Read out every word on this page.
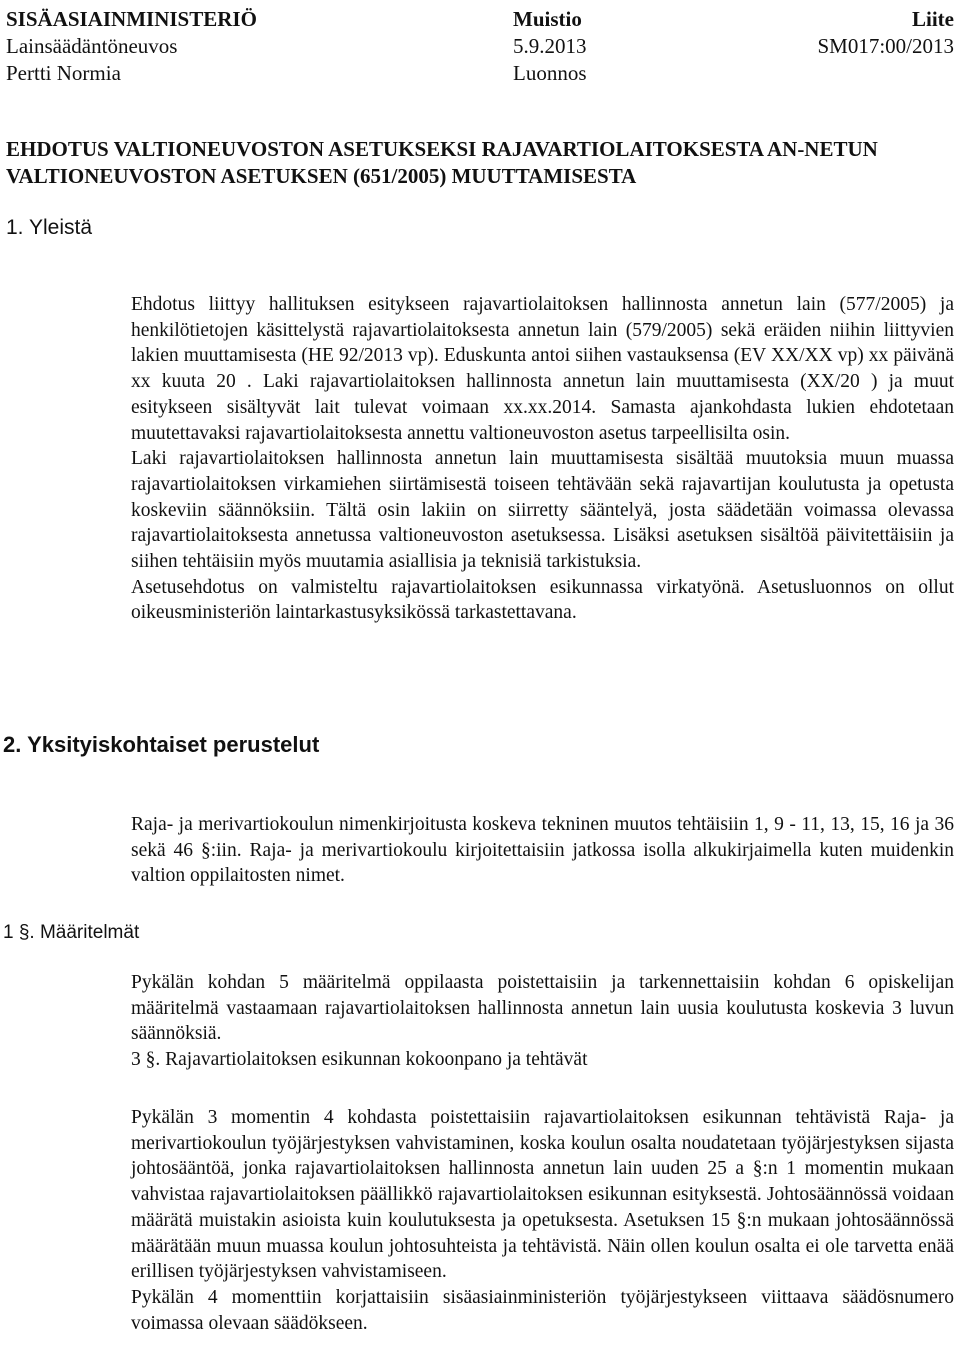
SISÄASIAINMINISTERIÖ	Muistio	Liite
Lainsäädäntöneuvos	5.9.2013	SM017:00/2013
Pertti Normia	Luonnos
EHDOTUS VALTIONEUVOSTON ASETUKSEKSI RAJAVARTIOLAITOKSESTA AN-NETUN VALTIONEUVOSTON ASETUKSEN (651/2005) MUUTTAMISESTA
1. Yleistä

Ehdotus liittyy hallituksen esitykseen rajavartiolaitoksen hallinnosta annetun lain (577/2005) ja henkilötietojen käsittelystä rajavartiolaitoksesta annetun lain (579/2005) sekä eräiden niihin liittyvien lakien muuttamisesta (HE 92/2013 vp). Eduskunta antoi siihen vastauksensa (EV XX/XX vp) xx päivänä xx kuuta 20 . Laki rajavartiolaitoksen hallinnosta annetun lain muuttamisesta (XX/20 ) ja muut esitykseen sisältyvät lait tulevat voimaan xx.xx.2014. Samasta ajankohdasta lukien ehdotetaan muutettavaksi rajavartiolaitoksesta annettu valtioneuvoston asetus tarpeellisilta osin.

Laki rajavartiolaitoksen hallinnosta annetun lain muuttamisesta sisältää muutoksia muun muassa rajavartiolaitoksen virkamiehen siirtämisestä toiseen tehtävään sekä rajavartijan koulutusta ja opetusta koskeviin säännöksiin. Tältä osin lakiin on siirretty sääntelyä, josta säädetään voimassa olevassa rajavartiolaitoksesta annetussa valtioneuvoston asetuksessa. Lisäksi asetuksen sisältöä päivitettäisiin ja siihen tehtäisiin myös muutamia asiallisia ja teknisiä tarkistuksia.

Asetusehdotus on valmisteltu rajavartiolaitoksen esikunnassa virkatyönä. Asetusluonnos on ollut oikeusministeriön laintarkastusyksikössä tarkastettavana.

2. Yksityiskohtaiset perustelut

Raja- ja merivartiokoulun nimenkirjoitusta koskeva tekninen muutos tehtäisiin 1, 9 - 11, 13, 15, 16 ja 36 sekä 46 §:iin. Raja- ja merivartiokoulu kirjoitettaisiin jatkossa isolla alkukirjaimella kuten muidenkin valtion oppilaitosten nimet.

1 §. Määritelmät

Pykälän kohdan 5 määritelmä oppilaasta poistettaisiin ja tarkennettaisiin kohdan 6 opiskelijan määritelmä vastaamaan rajavartiolaitoksen hallinnosta annetun lain uusia koulutusta koskevia 3 luvun säännöksiä.

3 §. Rajavartiolaitoksen esikunnan kokoonpano ja tehtävät

Pykälän 3 momentin 4 kohdasta poistettaisiin rajavartiolaitoksen esikunnan tehtävistä Raja- ja merivartiokoulun työjärjestyksen vahvistaminen, koska koulun osalta noudatetaan työjärjestyksen sijasta johtosääntöä, jonka rajavartiolaitoksen hallinnosta annetun lain uuden 25 a §:n 1 momentin mukaan vahvistaa rajavartiolaitoksen päällikkö rajavartiolaitoksen esikunnan esityksestä. Johtosäännössä voidaan määrätä muistakin asioista kuin koulutuksesta ja opetuksesta. Asetuksen 15 §:n mukaan johtosäännössä määrätään muun muassa koulun johtosuhteista ja tehtävistä. Näin ollen koulun osalta ei ole tarvetta enää erillisen työjärjestyksen vahvistamiseen.

Pykälän 4 momenttiin korjattaisiin sisäasiainministeriön työjärjestykseen viittaava säädösnumero voimassa olevaan säädökseen.
